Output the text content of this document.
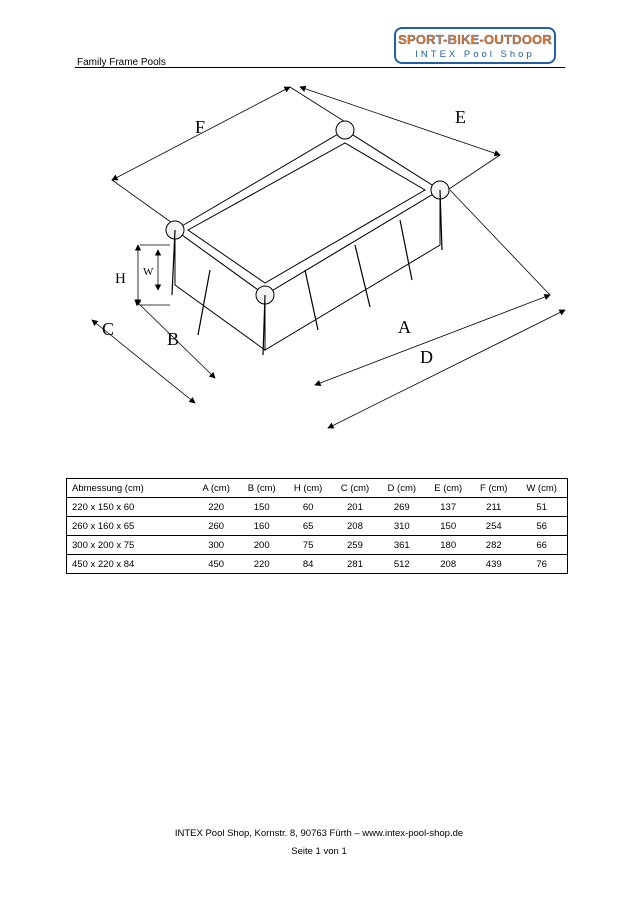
Family Frame Pools
SPORT-BIKE-OUTDOOR
INTEX Pool Shop
F	E
A
D
B
C
H W
Abmessung (cm)	A (cm)	B (cm)	H (cm)	C (cm)	D (cm)	E (cm)	F (cm)	W (cm)
220 x 150 x 60	220	150	60	201	269	137	211	51
260 x 160 x 65	260	160	65	208	310	150	254	56
300 x 200 x 75	300	200	75	259	361	180	282	66
450 x 220 x 84	450	220	84	281	512	208	439	76
INTEX Pool Shop, Kornstr. 8, 90763 Fürth – www.intex-pool-shop.de
Seite 1 von 1
